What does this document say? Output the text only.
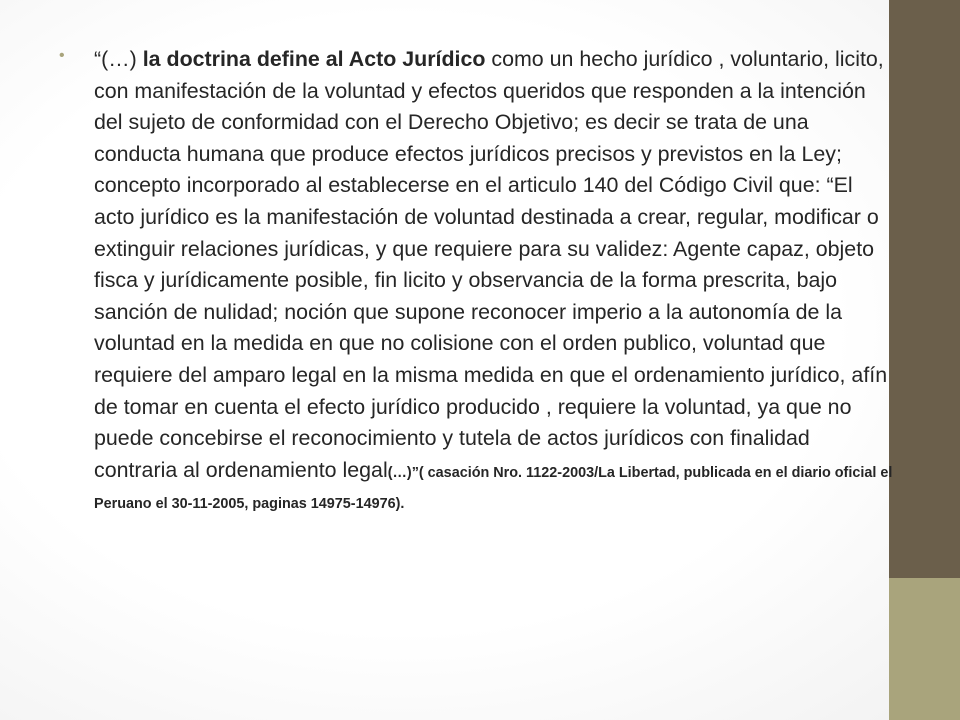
•	“(…) la doctrina define al Acto Jurídico como un hecho jurídico , voluntario, licito, con manifestación de la voluntad y efectos queridos que responden a la intención del sujeto de conformidad con el Derecho Objetivo; es decir se trata de una conducta humana que produce efectos jurídicos precisos y previstos en la Ley; concepto incorporado al establecerse en el articulo 140 del Código Civil que: “El acto jurídico es la manifestación de voluntad destinada a crear, regular, modificar o extinguir relaciones jurídicas, y que requiere para su validez: Agente capaz, objeto fisca y jurídicamente posible, fin licito y observancia de la forma prescrita, bajo sanción de nulidad; noción que supone reconocer imperio a la autonomía de la voluntad en la medida en que no colisione con el orden publico, voluntad que requiere del amparo legal en la misma medida en que el ordenamiento jurídico, afín de tomar en cuenta el efecto jurídico producido , requiere la voluntad, ya que no puede concebirse el reconocimiento y tutela de actos jurídicos con finalidad contraria al ordenamiento legal(…)”( casación Nro. 1122-2003/La Libertad, publicada en el diario oficial el Peruano el 30-11-2005, paginas 14975-14976).
